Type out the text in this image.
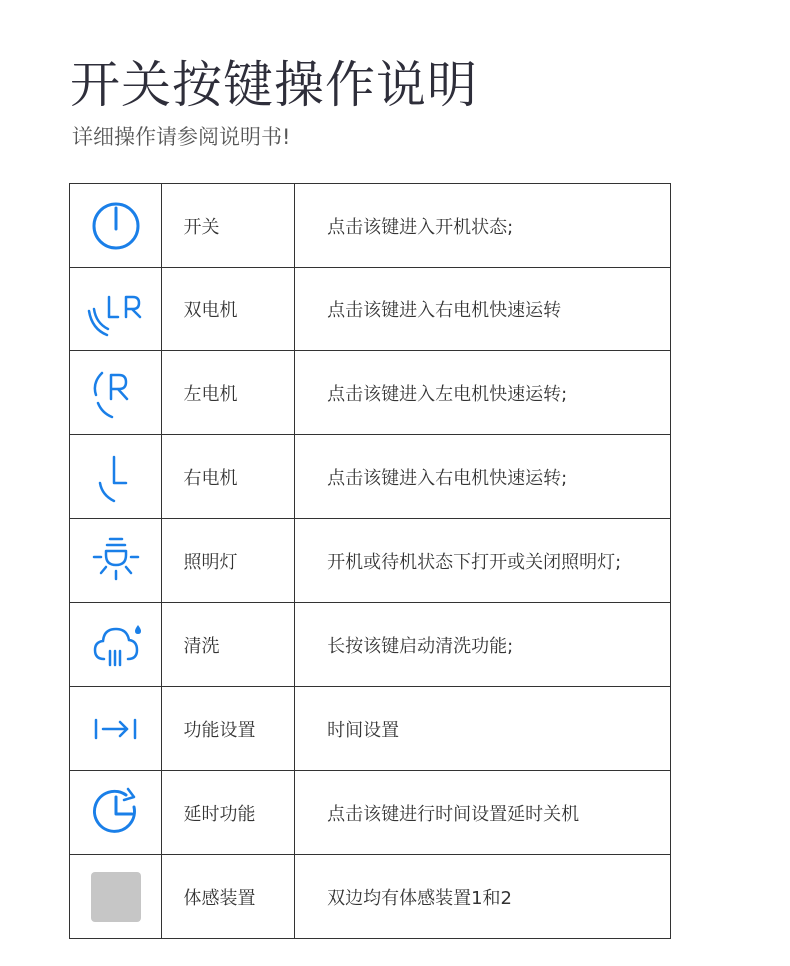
开关按键操作说明
详细操作请参阅说明书!

开关	点击该键进入开机状态;

双电机	点击该键进入右电机快速运转

左电机	点击该键进入左电机快速运转;

右电机	点击该键进入右电机快速运转;

照明灯	开机或待机状态下打开或关闭照明灯;

清洗	长按该键启动清洗功能;

功能设置	时间设置

延时功能	点击该键进行时间设置延时关机

	体感装置	双边均有体感装置1和2
